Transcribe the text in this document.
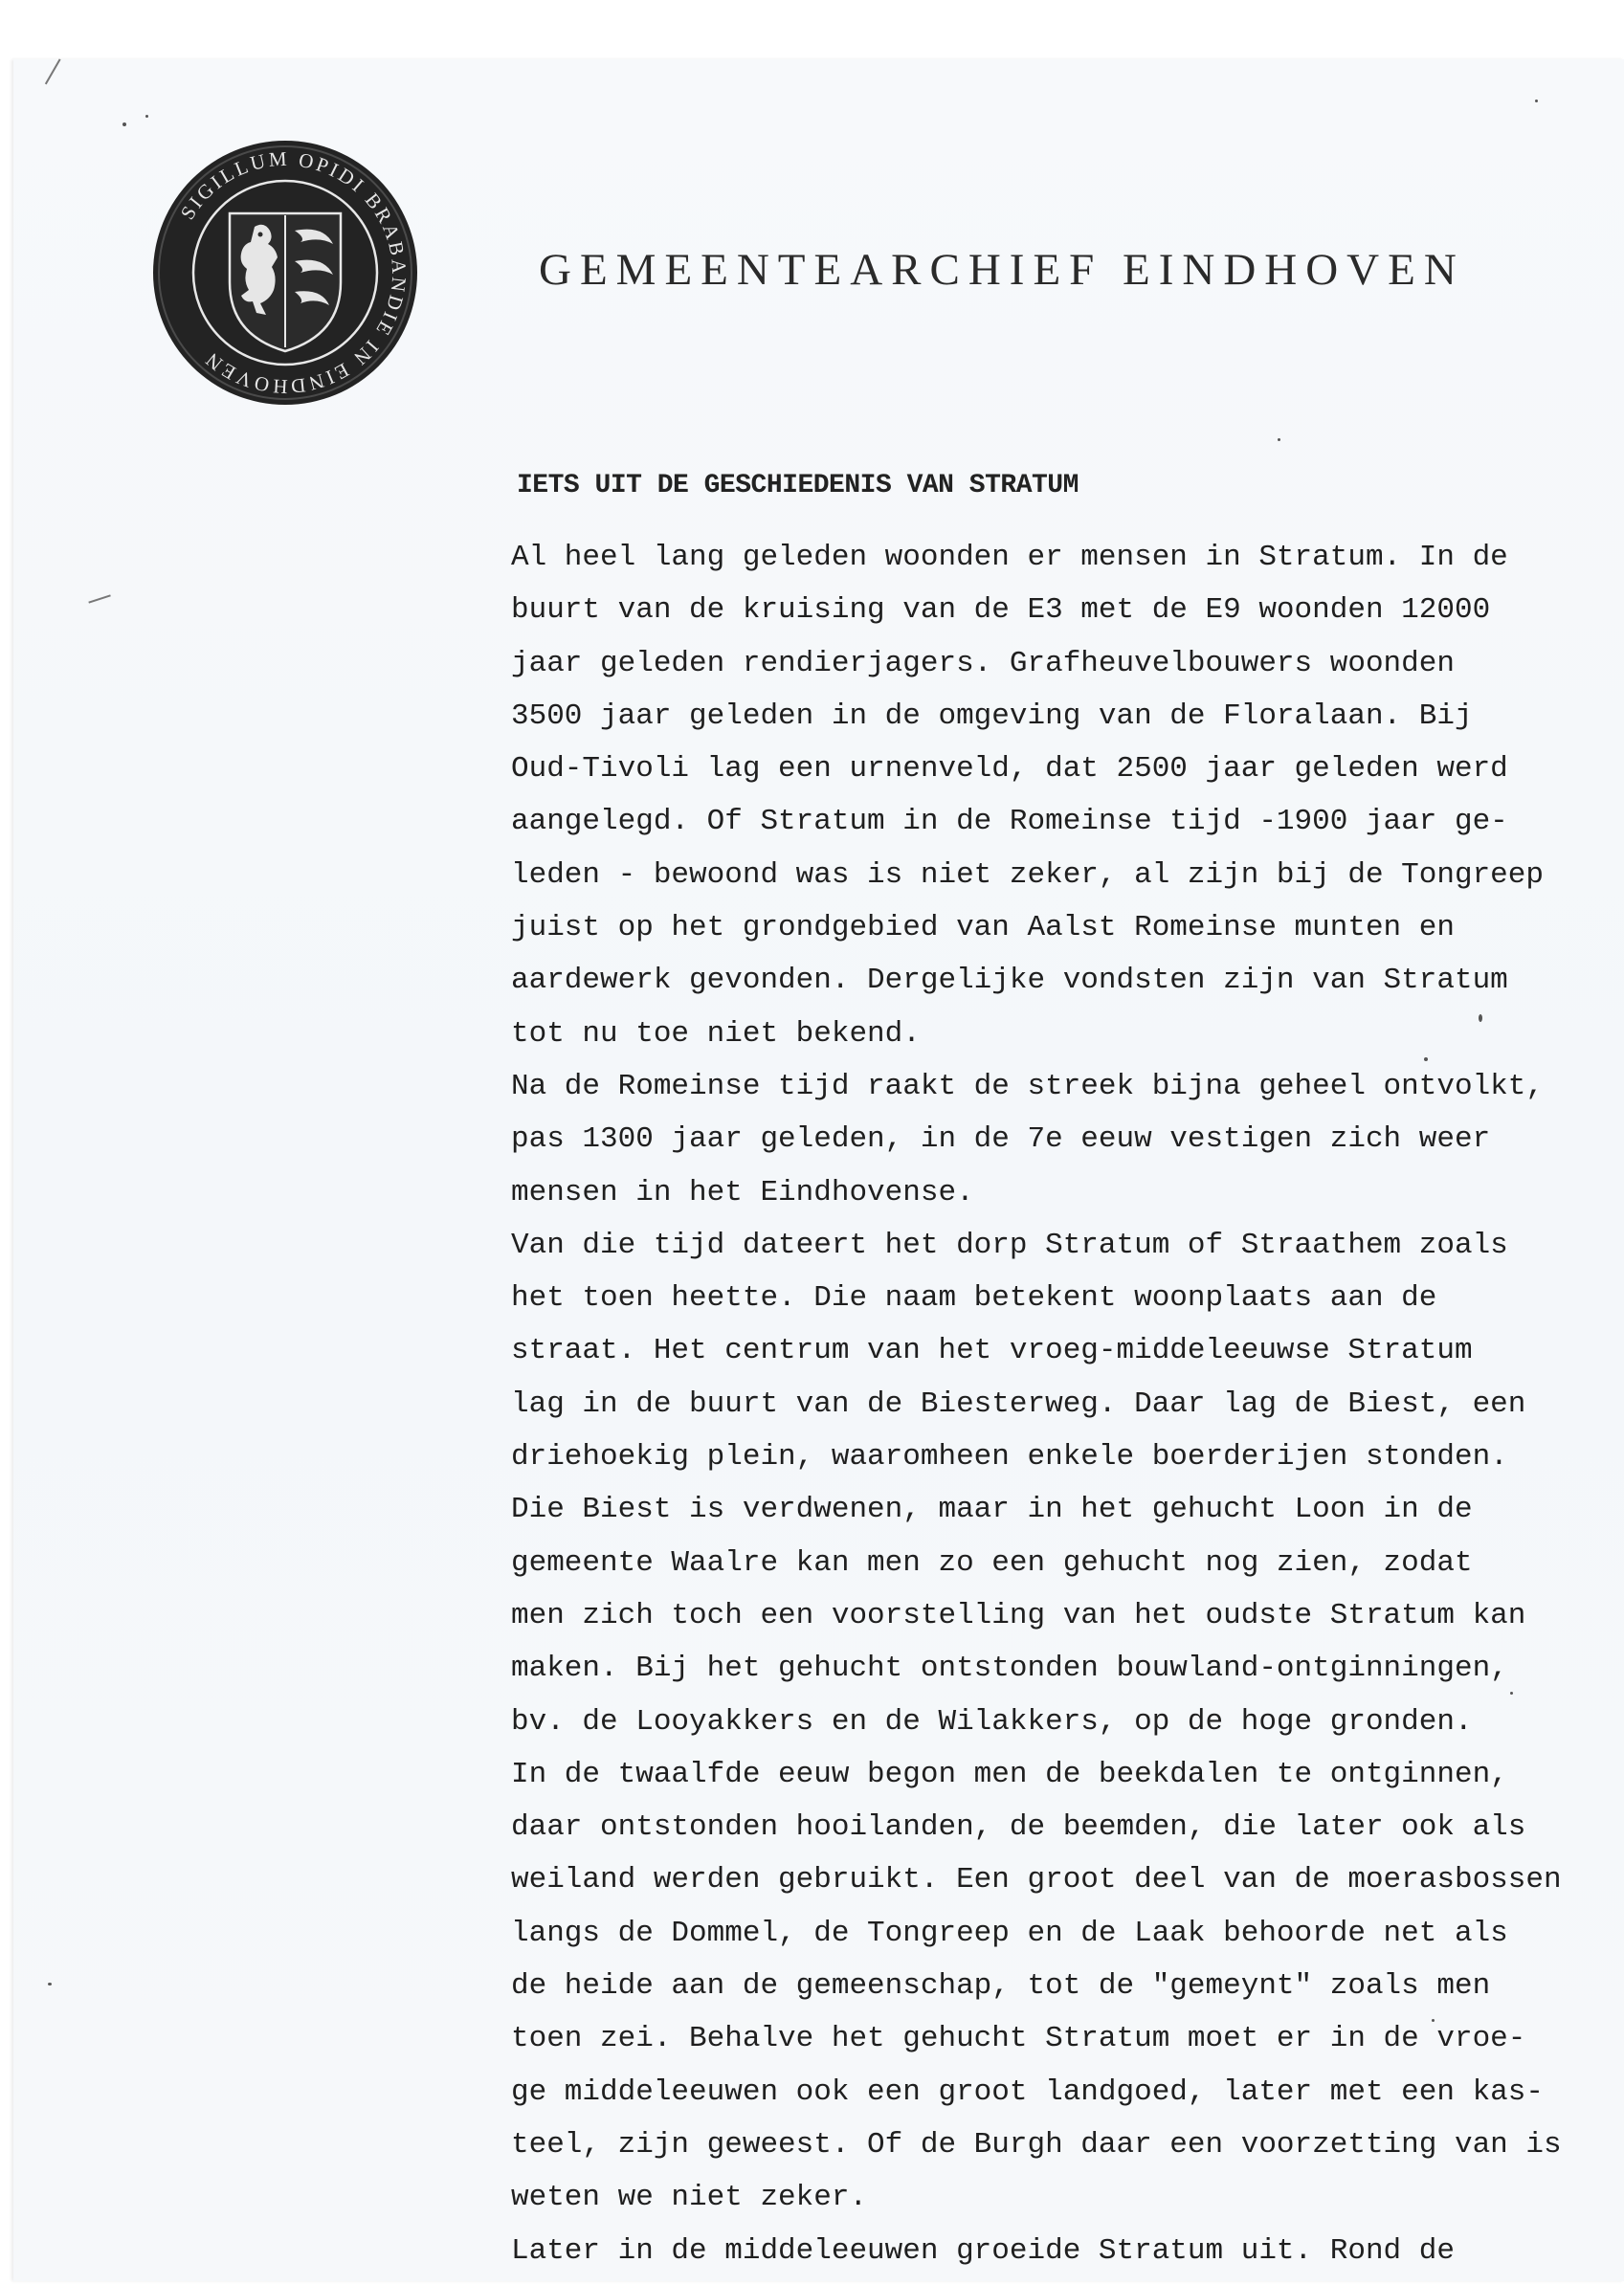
SIGILLUM OPIDI BRABANDIE IN EINDHOVEN
GEMEENTEARCHIEF EINDHOVEN
IETS UIT DE GESCHIEDENIS VAN STRATUM
Al heel lang geleden woonden er mensen in Stratum. In de
buurt van de kruising van de E3 met de E9 woonden 12000
jaar geleden rendierjagers. Grafheuvelbouwers woonden
3500 jaar geleden in de omgeving van de Floralaan. Bij
Oud-Tivoli lag een urnenveld, dat 2500 jaar geleden werd
aangelegd. Of Stratum in de Romeinse tijd -1900 jaar ge-
leden - bewoond was is niet zeker, al zijn bij de Tongreep
juist op het grondgebied van Aalst Romeinse munten en
aardewerk gevonden. Dergelijke vondsten zijn van Stratum
tot nu toe niet bekend.
Na de Romeinse tijd raakt de streek bijna geheel ontvolkt,
pas 1300 jaar geleden, in de 7e eeuw vestigen zich weer
mensen in het Eindhovense.
Van die tijd dateert het dorp Stratum of Straathem zoals
het toen heette. Die naam betekent woonplaats aan de
straat. Het centrum van het vroeg-middeleeuwse Stratum
lag in de buurt van de Biesterweg. Daar lag de Biest, een
driehoekig plein, waaromheen enkele boerderijen stonden.
Die Biest is verdwenen, maar in het gehucht Loon in de
gemeente Waalre kan men zo een gehucht nog zien, zodat
men zich toch een voorstelling van het oudste Stratum kan
maken. Bij het gehucht ontstonden bouwland-ontginningen,
bv. de Looyakkers en de Wilakkers, op de hoge gronden.
In de twaalfde eeuw begon men de beekdalen te ontginnen,
daar ontstonden hooilanden, de beemden, die later ook als
weiland werden gebruikt. Een groot deel van de moerasbossen
langs de Dommel, de Tongreep en de Laak behoorde net als
de heide aan de gemeenschap, tot de "gemeynt" zoals men
toen zei. Behalve het gehucht Stratum moet er in de vroe-
ge middeleeuwen ook een groot landgoed, later met een kas-
teel, zijn geweest. Of de Burgh daar een voorzetting van is
weten we niet zeker.
Later in de middeleeuwen groeide Stratum uit. Rond de
